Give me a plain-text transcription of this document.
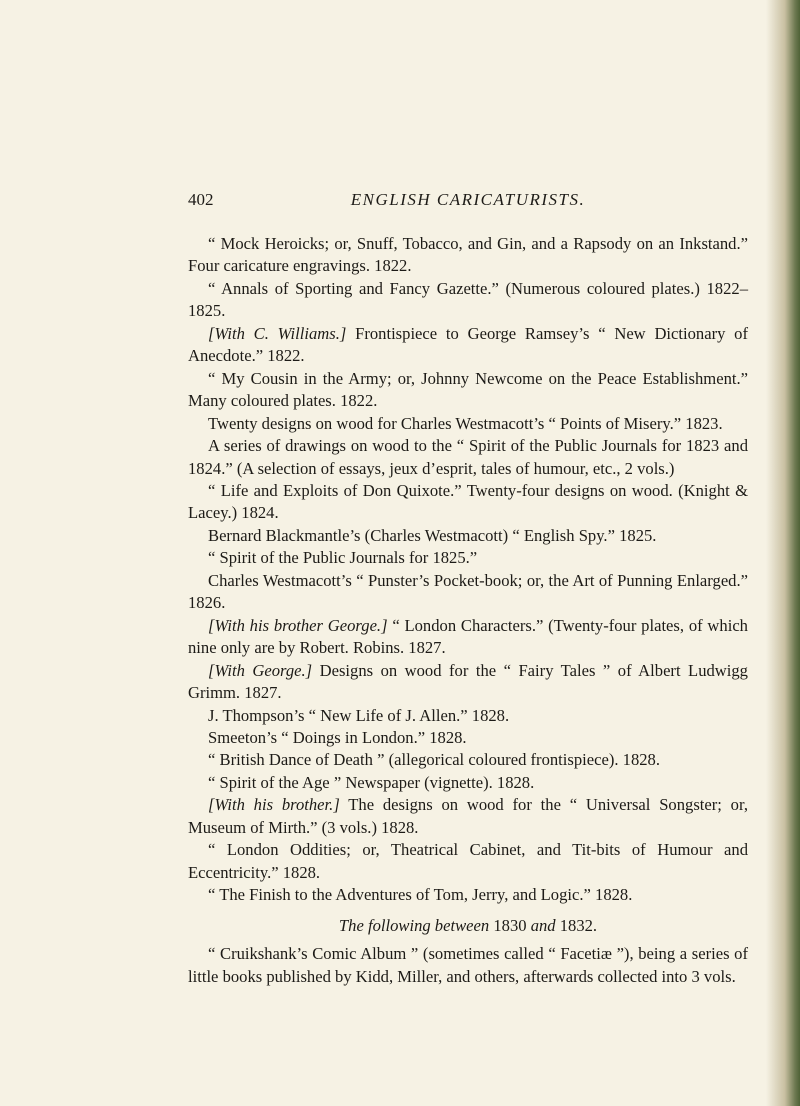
402	ENGLISH CARICATURISTS.

“ Mock Heroicks; or, Snuff, Tobacco, and Gin, and a Rapsody on an Inkstand.” Four caricature engravings. 1822.

“ Annals of Sporting and Fancy Gazette.” (Numerous coloured plates.) 1822–1825.

[With C. Williams.] Frontispiece to George Ramsey’s “ New Dictionary of Anecdote.” 1822.

“ My Cousin in the Army; or, Johnny Newcome on the Peace Establishment.” Many coloured plates. 1822.

Twenty designs on wood for Charles Westmacott’s “ Points of Misery.” 1823.

A series of drawings on wood to the “ Spirit of the Public Journals for 1823 and 1824.” (A selection of essays, jeux d’esprit, tales of humour, etc., 2 vols.)

“ Life and Exploits of Don Quixote.” Twenty-four designs on wood. (Knight & Lacey.) 1824.

Bernard Blackmantle’s (Charles Westmacott) “ English Spy.” 1825.

“ Spirit of the Public Journals for 1825.”

Charles Westmacott’s “ Punster’s Pocket-book; or, the Art of Punning Enlarged.” 1826.

[With his brother George.] “ London Characters.” (Twenty-four plates, of which nine only are by Robert. Robins. 1827.

[With George.] Designs on wood for the “ Fairy Tales ” of Albert Ludwigg Grimm. 1827.

J. Thompson’s “ New Life of J. Allen.” 1828.

Smeeton’s “ Doings in London.” 1828.

“ British Dance of Death ” (allegorical coloured frontispiece). 1828.

“ Spirit of the Age ” Newspaper (vignette). 1828.

[With his brother.] The designs on wood for the “ Universal Songster; or, Museum of Mirth.” (3 vols.) 1828.

“ London Oddities; or, Theatrical Cabinet, and Tit-bits of Humour and Eccentricity.” 1828.

“ The Finish to the Adventures of Tom, Jerry, and Logic.” 1828.

The following between 1830 and 1832.

“ Cruikshank’s Comic Album ” (sometimes called “ Facetiæ ”), being a series of little books published by Kidd, Miller, and others, afterwards collected into 3 vols.
